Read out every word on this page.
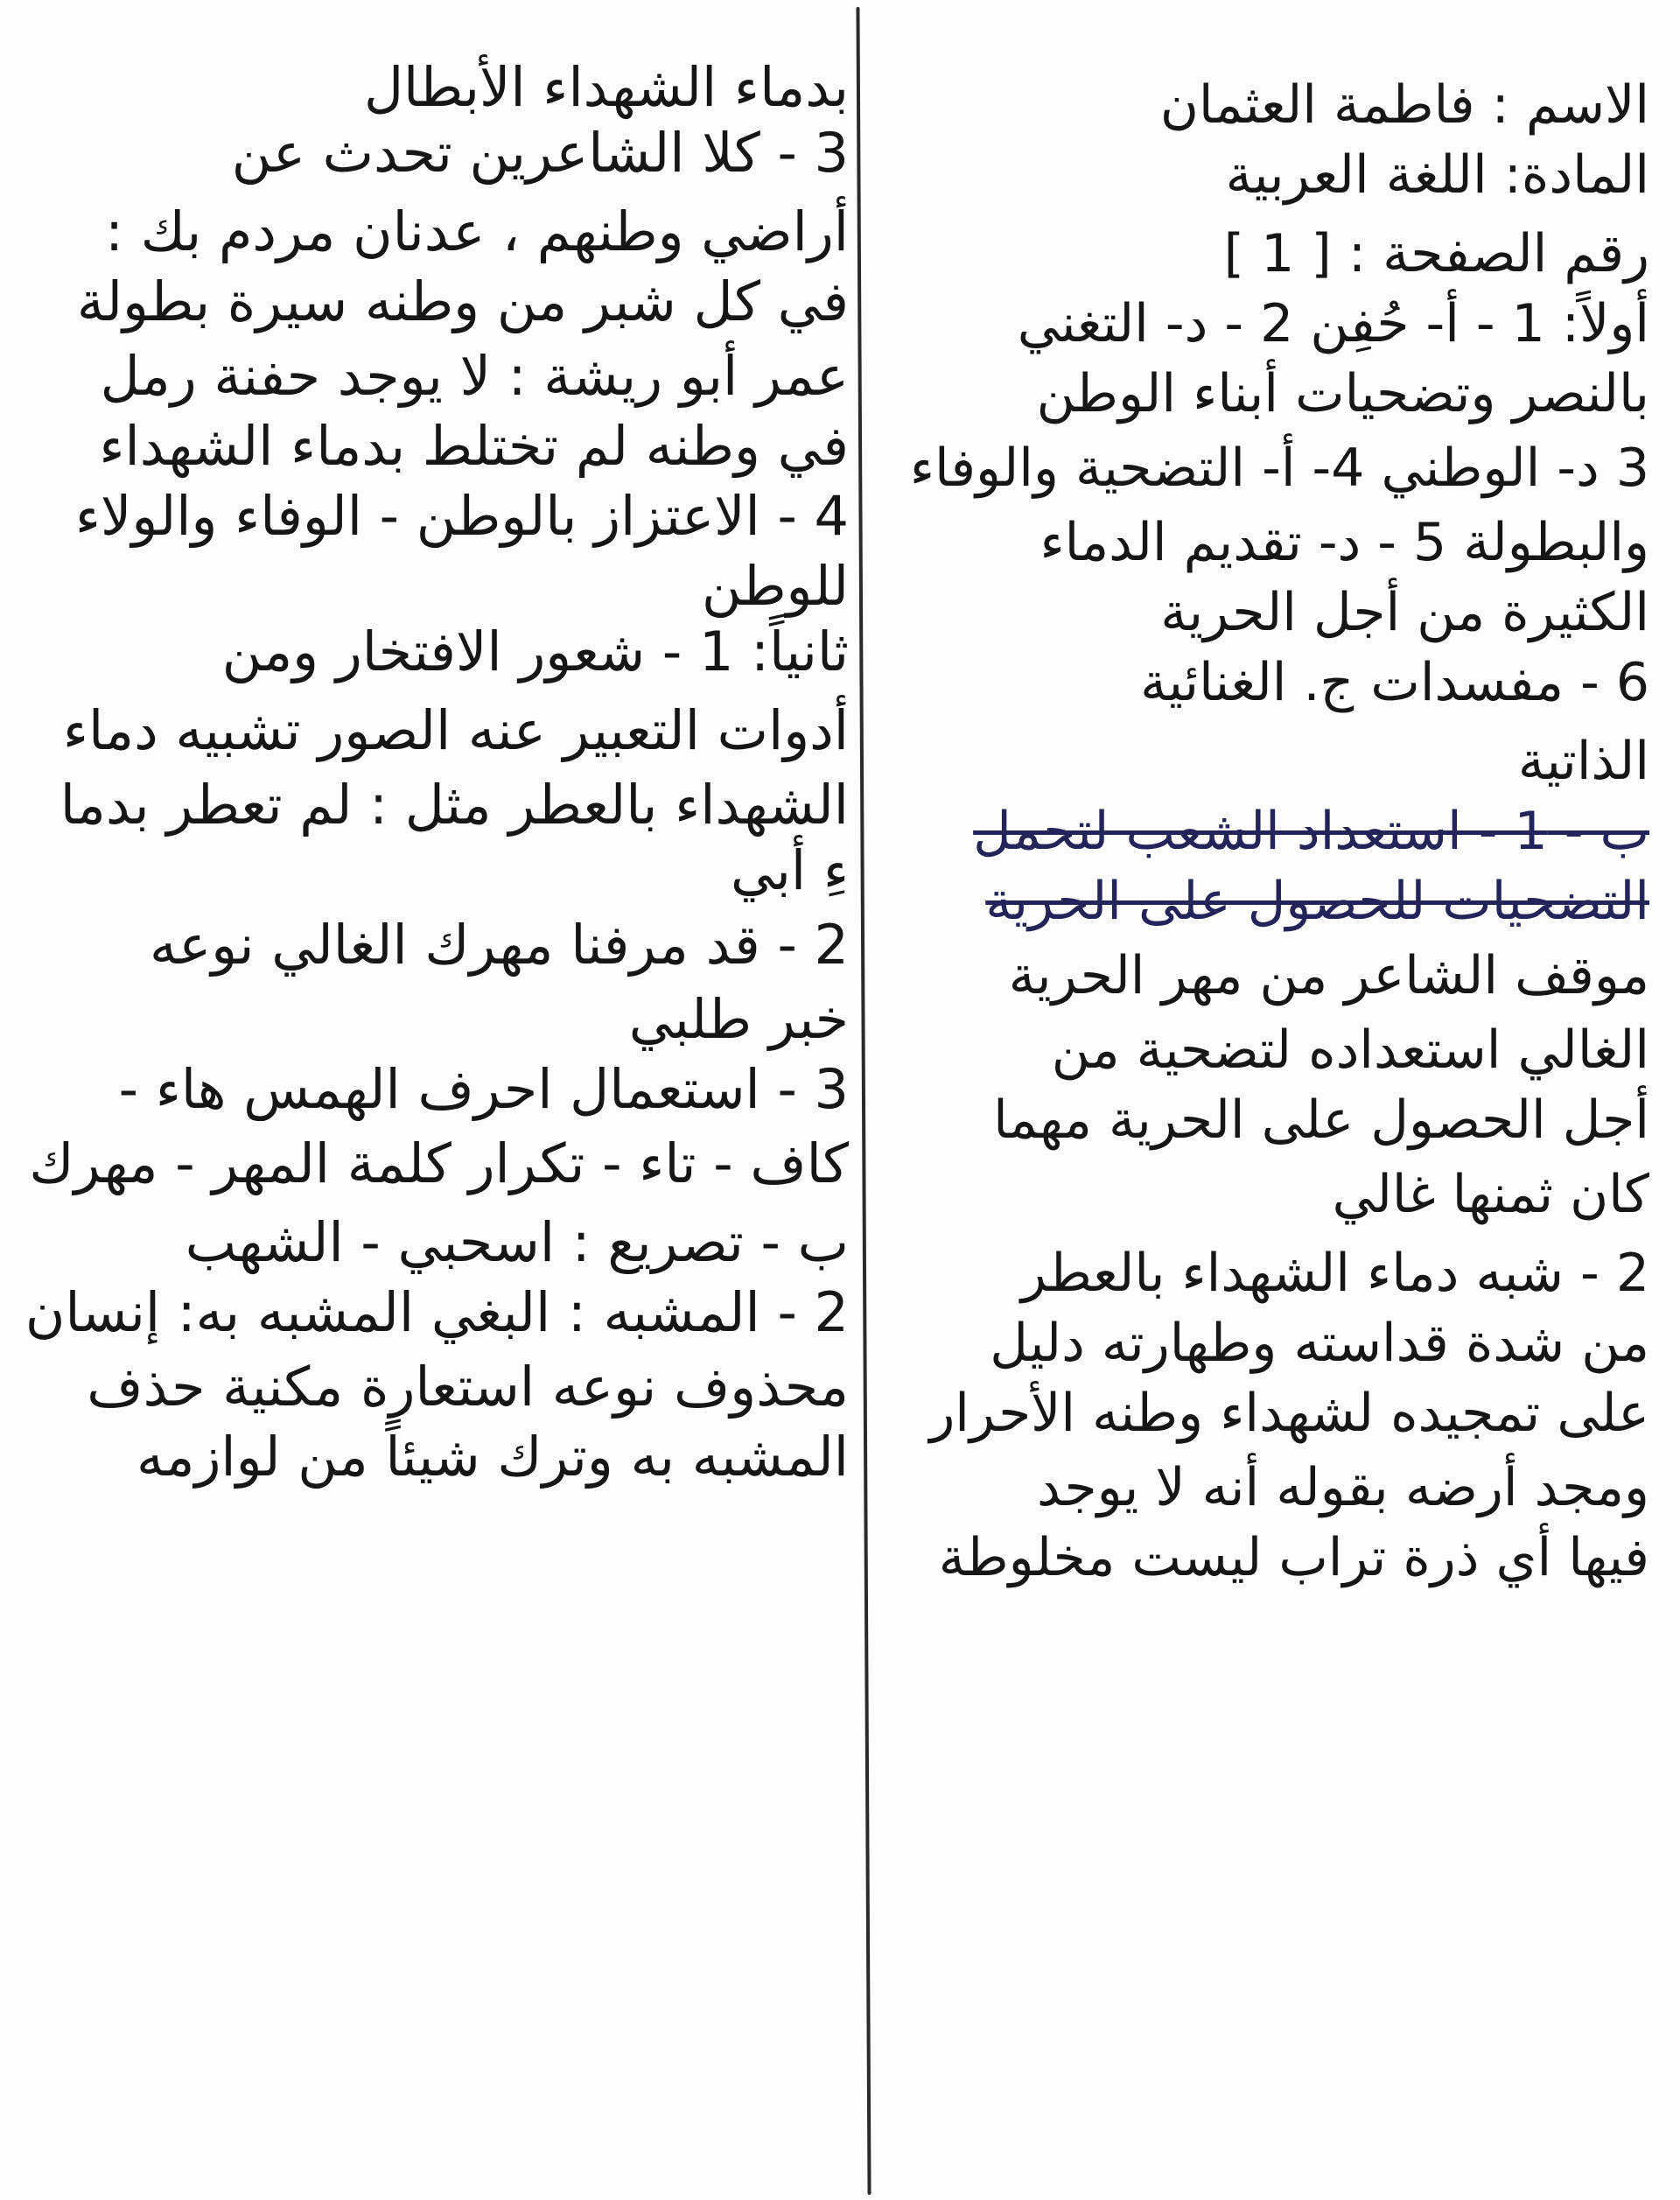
الاسم : فاطمة العثمان
المادة: اللغة العربية
رقم الصفحة : [ 1 ]
أولاً: 1 - أ- حُفِن 2 - د- التغني
بالنصر وتضحيات أبناء الوطن
3 د- الوطني 4- أ- التضحية والوفاء
والبطولة 5 - د- تقديم الدماء
الكثيرة من أجل الحرية
6 - مفسدات ج. الغنائية
الذاتية
ب - 1 - استعداد الشعب لتحمل
التضحيات للحصول على الحرية
موقف الشاعر من مهر الحرية
الغالي استعداده لتضحية من
أجل الحصول على الحرية مهما
كان ثمنها غالي
2 - شبه دماء الشهداء بالعطر
من شدة قداسته وطهارته دليل
على تمجيده لشهداء وطنه الأحرار
ومجد أرضه بقوله أنه لا يوجد
فيها أي ذرة تراب ليست مخلوطة
بدماء الشهداء الأبطال
3 - كلا الشاعرين تحدث عن
أراضي وطنهم ، عدنان مردم بك :
في كل شبر من وطنه سيرة بطولة
عمر أبو ريشة : لا يوجد حفنة رمل
في وطنه لم تختلط بدماء الشهداء
4 - الاعتزاز بالوطن - الوفاء والولاء
للوطن
ثانياً: 1 - شعور الافتخار ومن
أدوات التعبير عنه الصور تشبيه دماء
الشهداء بالعطر مثل : لم تعطر بدما
ءِ أبي
2 - قد مرفنا مهرك الغالي نوعه
خبر طلبي
3 - استعمال احرف الهمس هاء -
كاف - تاء - تكرار كلمة المهر - مهرك
ب - تصريع : اسحبي - الشهب
2 - المشبه : البغي المشبه به: إنسان
محذوف نوعه استعارة مكنية حذف
المشبه به وترك شيئاً من لوازمه
